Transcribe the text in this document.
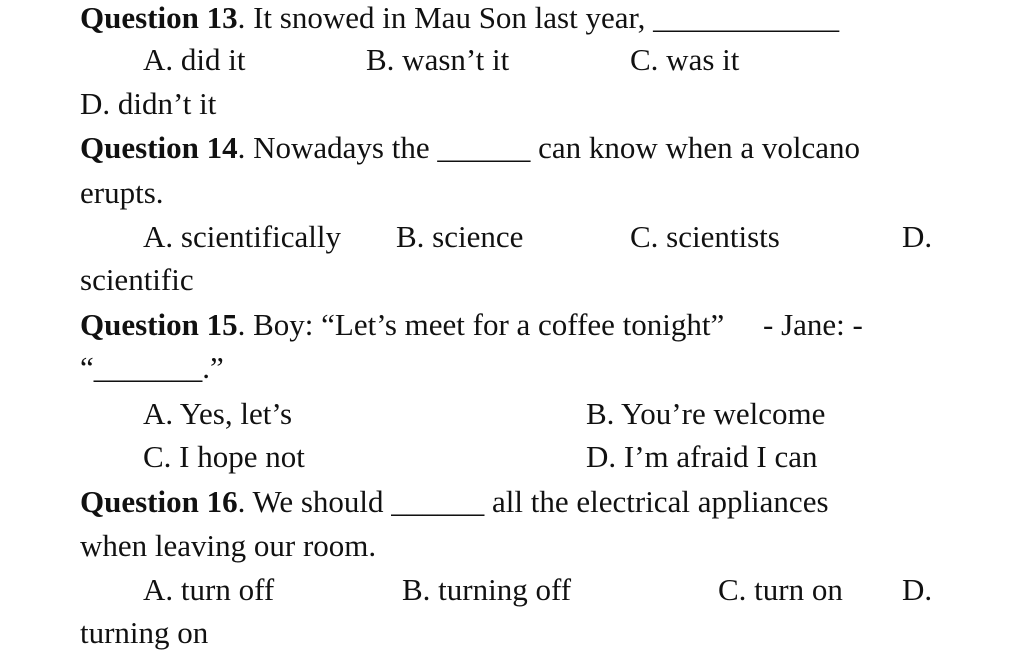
Question 13. It snowed in Mau Son last year, ____________
A. did it	B. wasn’t it	C. was it
D. didn’t it
Question 14. Nowadays the ______ can know when a volcano
erupts.
A. scientifically B. science	C. scientists	D.
scientific
Question 15. Boy: “Let’s meet for a coffee tonight”     - Jane: -
“_______.”
A. Yes, let’s	B. You’re welcome
C. I hope not	D. I’m afraid I can
Question 16. We should ______ all the electrical appliances
when leaving our room.
A. turn off	B. turning off	C. turn on D.
turning on
